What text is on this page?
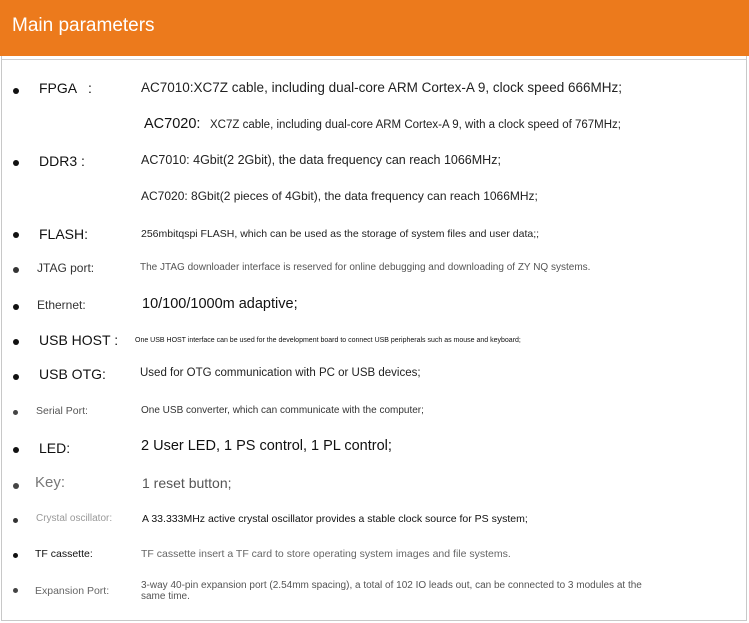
Main parameters
FPGA   :	AC7010:XC7Z cable, including dual-core ARM Cortex-A 9, clock speed 666MHz;
AC7020: XC7Z cable, including dual-core ARM Cortex-A 9, with a clock speed of 767MHz;
DDR3 :	AC7010: 4Gbit(2 2Gbit), the data frequency can reach 1066MHz;
AC7020: 8Gbit(2 pieces of 4Gbit), the data frequency can reach 1066MHz;
FLASH:	256mbitqspi FLASH, which can be used as the storage of system files and user data;;
JTAG port:	The JTAG downloader interface is reserved for online debugging and downloading of ZY NQ systems.
Ethernet:	10/100/1000m adaptive;
USB HOST : One USB HOST interface can be used for the development board to connect USB peripherals such as mouse and keyboard;
USB OTG:	Used for OTG communication with PC or USB devices;
Serial Port:	One USB converter, which can communicate with the computer;
LED:	2 User LED, 1 PS control, 1 PL control;
Key:	1 reset button;
Crystal oscillator:	A 33.333MHz active crystal oscillator provides a stable clock source for PS system;
TF cassette:	TF cassette insert a TF card to store operating system images and file systems.
Expansion Port:	3-way 40-pin expansion port (2.54mm spacing), a total of 102 IO leads out, can be connected to 3 modules at the
same time.
